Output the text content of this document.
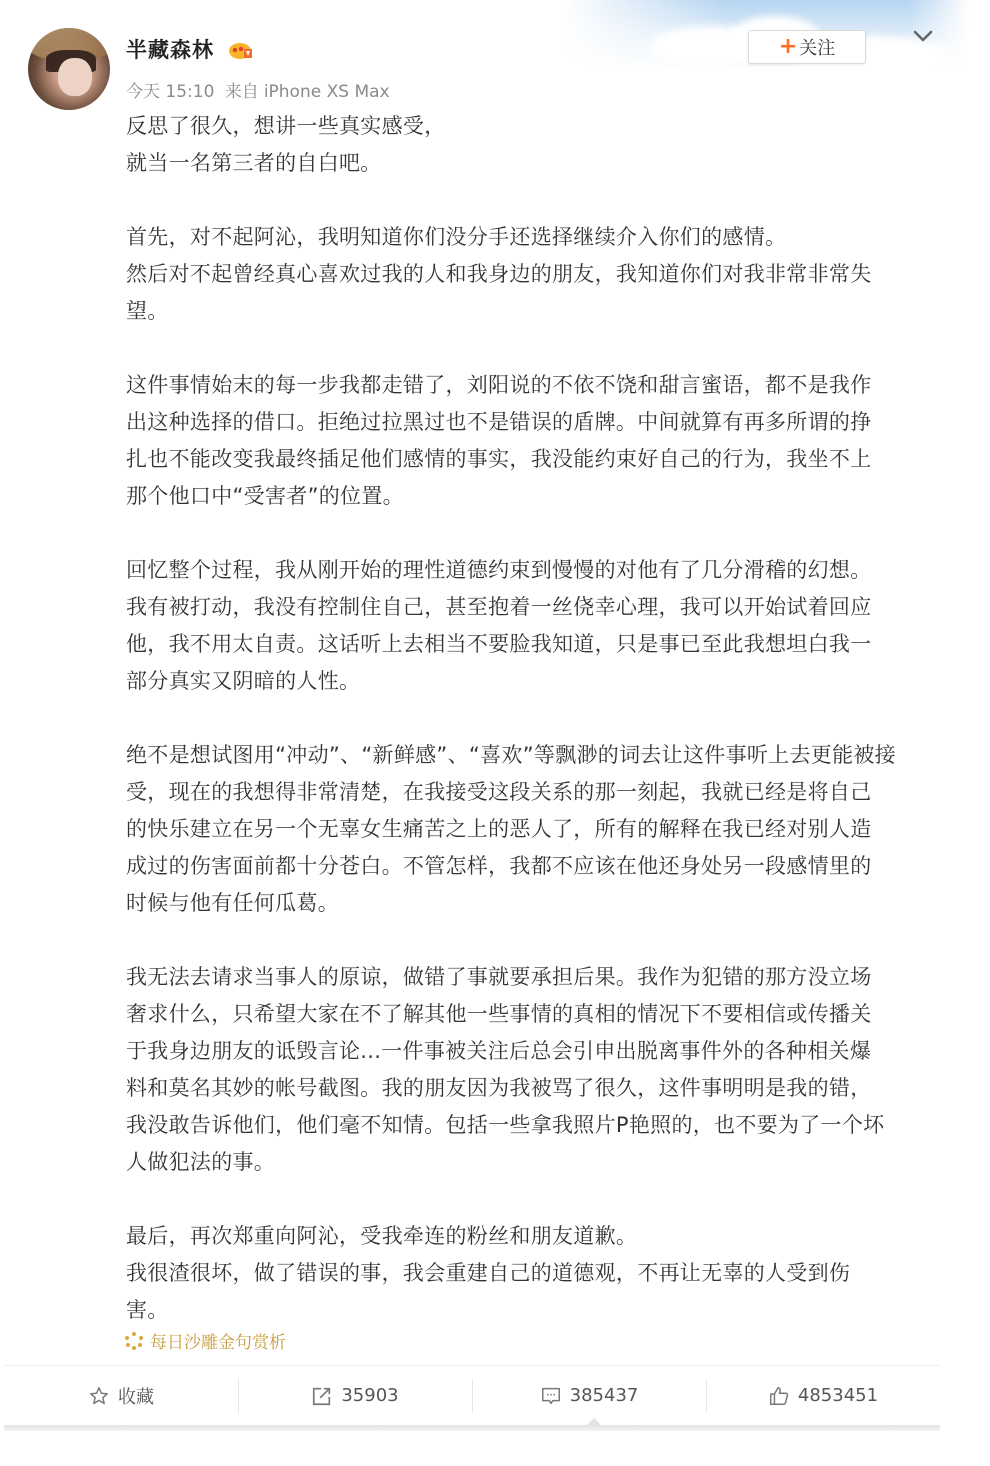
半藏森林
今天 15:10 来自 iPhone XS Max
+ 关注

反思了很久，想讲一些真实感受，
就当一名第三者的自白吧。

首先，对不起阿沁，我明知道你们没分手还选择继续介入你们的感情。
然后对不起曾经真心喜欢过我的人和我身边的朋友，我知道你们对我非常非常失
望。

这件事情始末的每一步我都走错了，刘阳说的不依不饶和甜言蜜语，都不是我作
出这种选择的借口。拒绝过拉黑过也不是错误的盾牌。中间就算有再多所谓的挣
扎也不能改变我最终插足他们感情的事实，我没能约束好自己的行为，我坐不上
那个他口中“受害者”的位置。

回忆整个过程，我从刚开始的理性道德约束到慢慢的对他有了几分滑稽的幻想。
我有被打动，我没有控制住自己，甚至抱着一丝侥幸心理，我可以开始试着回应
他，我不用太自责。这话听上去相当不要脸我知道，只是事已至此我想坦白我一
部分真实又阴暗的人性。

绝不是想试图用“冲动”、“新鲜感”、“喜欢”等飘渺的词去让这件事听上去更能被接
受，现在的我想得非常清楚，在我接受这段关系的那一刻起，我就已经是将自己
的快乐建立在另一个无辜女生痛苦之上的恶人了，所有的解释在我已经对别人造
成过的伤害面前都十分苍白。不管怎样，我都不应该在他还身处另一段感情里的
时候与他有任何瓜葛。

我无法去请求当事人的原谅，做错了事就要承担后果。我作为犯错的那方没立场
奢求什么，只希望大家在不了解其他一些事情的真相的情况下不要相信或传播关
于我身边朋友的诋毁言论...一件事被关注后总会引申出脱离事件外的各种相关爆
料和莫名其妙的帐号截图。我的朋友因为我被骂了很久，这件事明明是我的错，
我没敢告诉他们，他们毫不知情。包括一些拿我照片P艳照的，也不要为了一个坏
人做犯法的事。

最后，再次郑重向阿沁，受我牵连的粉丝和朋友道歉。
我很渣很坏，做了错误的事，我会重建自己的道德观，不再让无辜的人受到伤
害。

每日沙雕金句赏析
收藏	35903	385437	4853451
